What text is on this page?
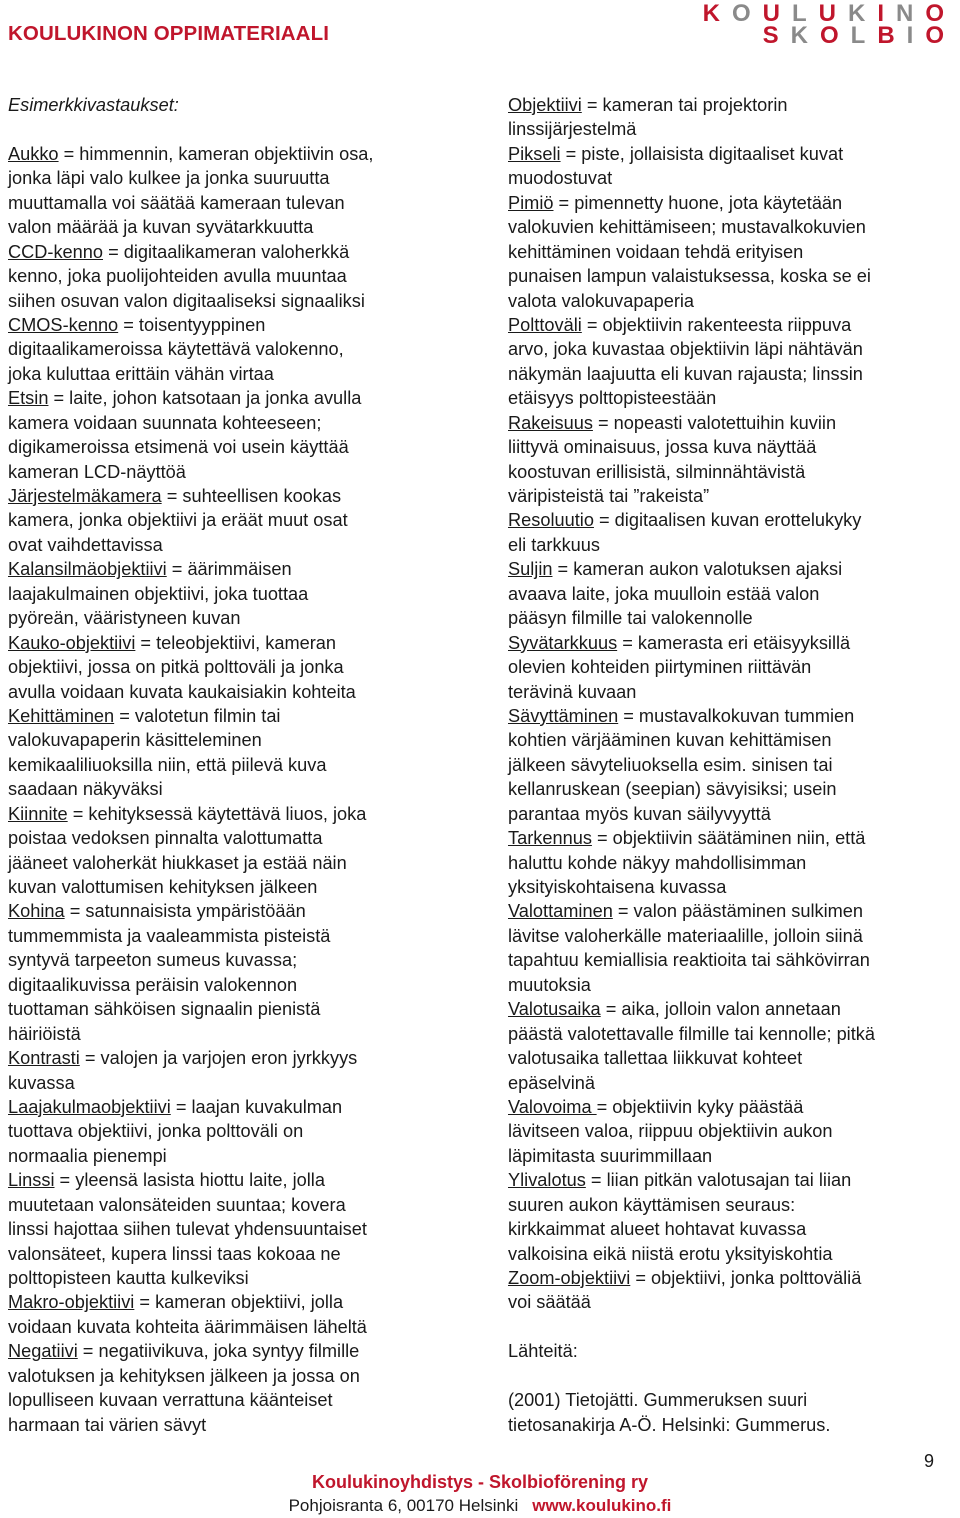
KOULUKINON OPPIMATERIAALI
KOULUKINO
SKOLBIO
Esimerkkivastaukset:
Aukko = himmennin, kameran objektiivin osa,
jonka läpi valo kulkee ja jonka suuruutta
muuttamalla voi säätää kameraan tulevan
valon määrää ja kuvan syvätarkkuutta
CCD-kenno = digitaalikameran valoherkkä
kenno, joka puolijohteiden avulla muuntaa
siihen osuvan valon digitaaliseksi signaaliksi
CMOS-kenno = toisentyyppinen
digitaalikameroissa käytettävä valokenno,
joka kuluttaa erittäin vähän virtaa
Etsin = laite, johon katsotaan ja jonka avulla
kamera voidaan suunnata kohteeseen;
digikameroissa etsimenä voi usein käyttää
kameran LCD-näyttöä
Järjestelmäkamera = suhteellisen kookas
kamera, jonka objektiivi ja eräät muut osat
ovat vaihdettavissa
Kalansilmäobjektiivi = äärimmäisen
laajakulmainen objektiivi, joka tuottaa
pyöreän, vääristyneen kuvan
Kauko-objektiivi = teleobjektiivi, kameran
objektiivi, jossa on pitkä polttoväli ja jonka
avulla voidaan kuvata kaukaisiakin kohteita
Kehittäminen = valotetun filmin tai
valokuvapaperin käsitteleminen
kemikaaliliuoksilla niin, että piilevä kuva
saadaan näkyväksi
Kiinnite = kehityksessä käytettävä liuos, joka
poistaa vedoksen pinnalta valottumatta
jääneet valoherkät hiukkaset ja estää näin
kuvan valottumisen kehityksen jälkeen
Kohina = satunnaisista ympäristöään
tummemmista ja vaaleammista pisteistä
syntyvä tarpeeton sumeus kuvassa;
digitaalikuvissa peräisin valokennon
tuottaman sähköisen signaalin pienistä
häiriöistä
Kontrasti = valojen ja varjojen eron jyrkkyys
kuvassa
Laajakulmaobjektiivi = laajan kuvakulman
tuottava objektiivi, jonka polttoväli on
normaalia pienempi
Linssi = yleensä lasista hiottu laite, jolla
muutetaan valonsäteiden suuntaa; kovera
linssi hajottaa siihen tulevat yhdensuuntaiset
valonsäteet, kupera linssi taas kokoaa ne
polttopisteen kautta kulkeviksi
Makro-objektiivi = kameran objektiivi, jolla
voidaan kuvata kohteita äärimmäisen läheltä
Negatiivi = negatiivikuva, joka syntyy filmille
valotuksen ja kehityksen jälkeen ja jossa on
lopulliseen kuvaan verrattuna käänteiset
harmaan tai värien sävyt
Objektiivi = kameran tai projektorin
linssijärjestelmä
Pikseli = piste, jollaisista digitaaliset kuvat
muodostuvat
Pimiö = pimennetty huone, jota käytetään
valokuvien kehittämiseen; mustavalkokuvien
kehittäminen voidaan tehdä erityisen
punaisen lampun valaistuksessa, koska se ei
valota valokuvapaperia
Polttoväli = objektiivin rakenteesta riippuva
arvo, joka kuvastaa objektiivin läpi nähtävän
näkymän laajuutta eli kuvan rajausta; linssin
etäisyys polttopisteestään
Rakeisuus = nopeasti valotettuihin kuviin
liittyvä ominaisuus, jossa kuva näyttää
koostuvan erillisistä, silminnähtävistä
väripisteistä tai ”rakeista”
Resoluutio = digitaalisen kuvan erottelukyky
eli tarkkuus
Suljin = kameran aukon valotuksen ajaksi
avaava laite, joka muulloin estää valon
pääsyn filmille tai valokennolle
Syvätarkkuus = kamerasta eri etäisyyksillä
olevien kohteiden piirtyminen riittävän
terävinä kuvaan
Sävyttäminen = mustavalkokuvan tummien
kohtien värjääminen kuvan kehittämisen
jälkeen sävyteliuoksella esim. sinisen tai
kellanruskean (seepian) sävyisiksi; usein
parantaa myös kuvan säilyvyyttä
Tarkennus = objektiivin säätäminen niin, että
haluttu kohde näkyy mahdollisimman
yksityiskohtaisena kuvassa
Valottaminen = valon päästäminen sulkimen
lävitse valoherkälle materiaalille, jolloin siinä
tapahtuu kemiallisia reaktioita tai sähkövirran
muutoksia
Valotusaika = aika, jolloin valon annetaan
päästä valotettavalle filmille tai kennolle; pitkä
valotusaika tallettaa liikkuvat kohteet
epäselvinä
Valovoima = objektiivin kyky päästää
lävitseen valoa, riippuu objektiivin aukon
läpimitasta suurimmillaan
Ylivalotus = liian pitkän valotusajan tai liian
suuren aukon käyttämisen seuraus:
kirkkaimmat alueet hohtavat kuvassa
valkoisina eikä niistä erotu yksityiskohtia
Zoom-objektiivi = objektiivi, jonka polttoväliä
voi säätää
Lähteitä:
(2001) Tietojätti. Gummeruksen suuri
tietosanakirja A-Ö. Helsinki: Gummerus.
9
Koulukinoyhdistys - Skolbioförening ry
Pohjoisranta 6, 00170 Helsinki www.koulukino.fi
